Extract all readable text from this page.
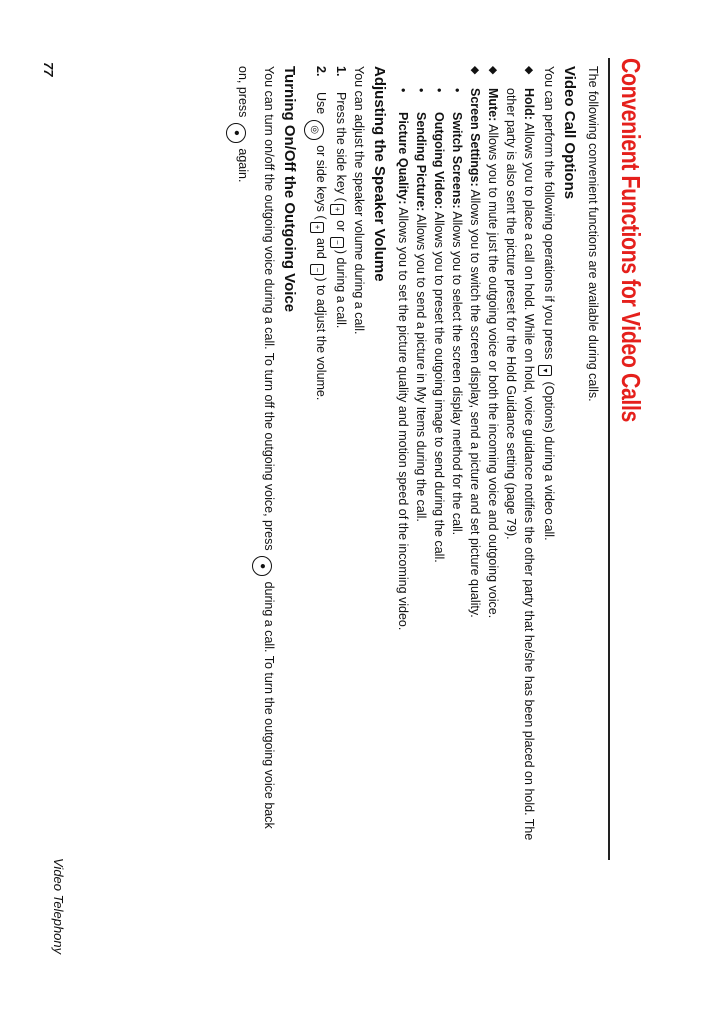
Convenient Functions for Video Calls

The following convenient functions are available during calls.

Video Call Options

You can perform the following operations if you press ▾ (Options) during a video call.

◆
Hold: Allows you to place a call on hold. While on hold, voice guidance notifies the other party that he/she has been placed on hold. The other party is also sent the picture preset for the Hold Guidance setting (page 79).
◆
Mute: Allows you to mute just the outgoing voice or both the incoming voice and outgoing voice.
◆
Screen Settings: Allows you to switch the screen display, send a picture and set picture quality.
•
Switch Screens: Allows you to select the screen display method for the call.
•
Outgoing Video: Allows you to preset the outgoing image to send during the call.
•
Sending Picture: Allows you to send a picture in My Items during the call.
•
Picture Quality: Allows you to set the picture quality and motion speed of the incoming video.

Adjusting the Speaker Volume

You can adjust the speaker volume during a call.

1.
Press the side key (+ or −) during a call.
2.
Use ◎ or side keys (+ and −) to adjust the volume.

Turning On/Off the Outgoing Voice

You can turn on/off the outgoing voice during a call. To turn off the outgoing voice, press ● during a call. To turn the outgoing voice back on, press ● again.

Video Telephony
77
